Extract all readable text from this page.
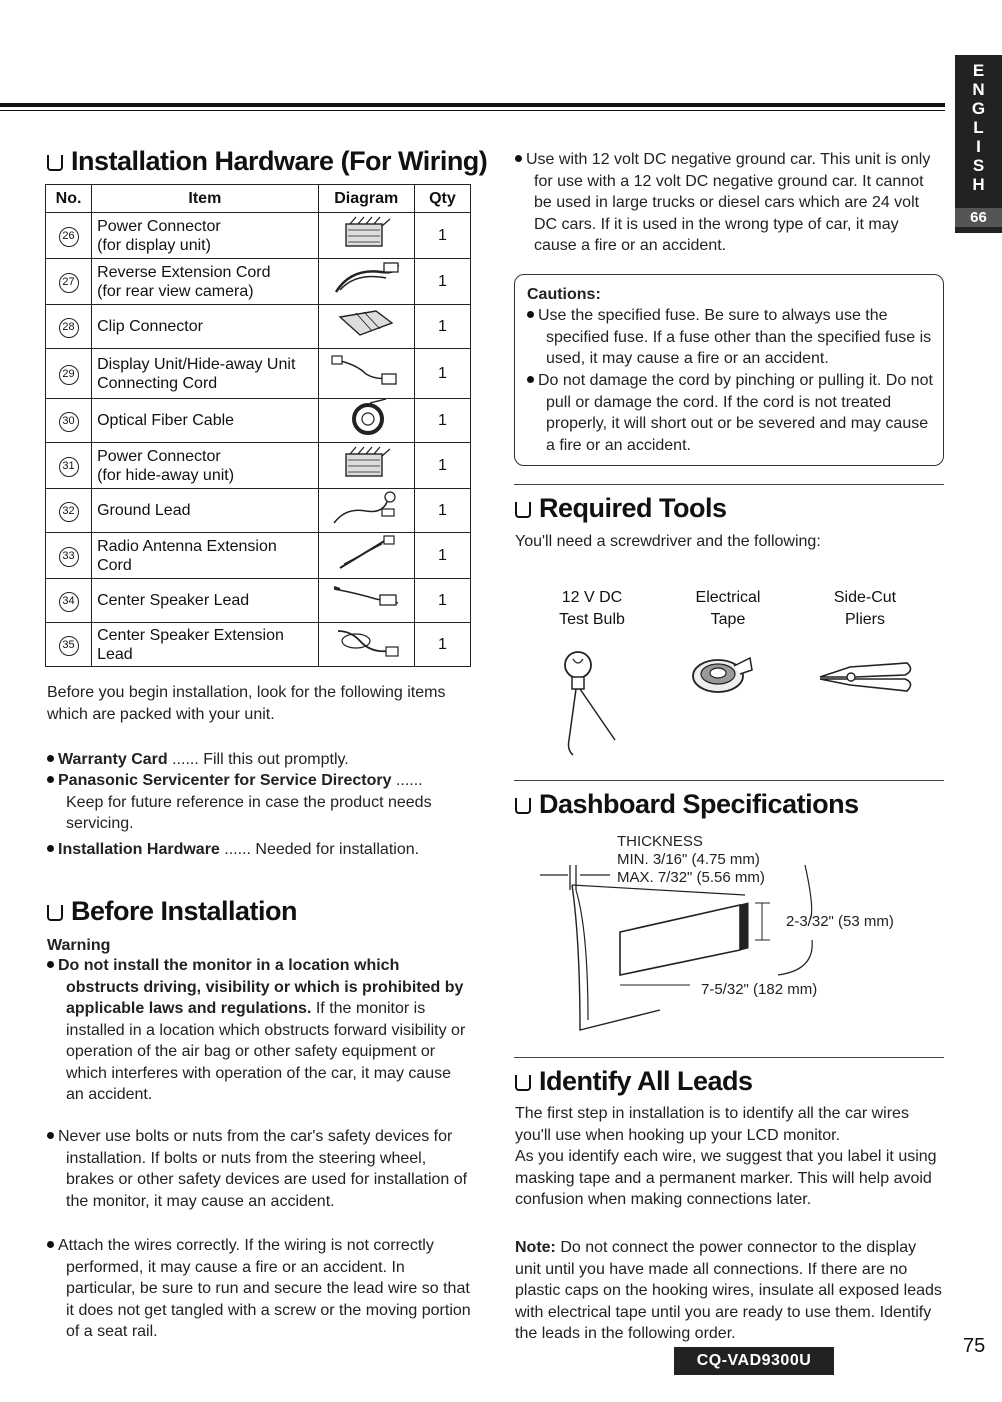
E
N
G
L
I
S
H
66
Installation Hardware (For Wiring)
No.	Item	Diagram	Qty
26	Power Connector
(for display unit)		1
27	Reverse Extension Cord
(for rear view camera)		1
28	Clip Connector		1
29	Display Unit/Hide-away Unit
Connecting Cord		1
30	Optical Fiber Cable		1
31	Power Connector
(for hide-away unit)		1
32	Ground Lead		1
33	Radio Antenna Extension
Cord		1
34	Center Speaker Lead		1
35	Center Speaker Extension
Lead		1
Before you begin installation, look for the following items which are packed with your unit.
Warranty Card ...... Fill this out promptly.
Panasonic Servicenter for Service Directory ......
Keep for future reference in case the product needs servicing.
Installation Hardware ...... Needed for installation.
Before Installation
Warning
Do not install the monitor in a location which obstructs driving, visibility or which is prohibited by applicable laws and regulations. If the monitor is installed in a location which obstructs forward visibility or operation of the air bag or other safety equipment or which interferes with operation of the car, it may cause an accident.
Never use bolts or nuts from the car's safety devices for installation. If bolts or nuts from the steering wheel, brakes or other safety devices are used for installation of the monitor, it may cause an accident.
Attach the wires correctly. If the wiring is not correctly performed, it may cause a fire or an accident. In particular, be sure to run and secure the lead wire so that it does not get tangled with a screw or the moving portion of a seat rail.
Use with 12 volt DC negative ground car. This unit is only for use with a 12 volt DC negative ground car. It cannot be used in large trucks or diesel cars which are 24 volt DC cars. If it is used in the wrong type of car, it may cause a fire or an accident.
Cautions:
Use the specified fuse. Be sure to always use the specified fuse. If a fuse other than the specified fuse is used, it may cause a fire or an accident.
Do not damage the cord by pinching or pulling it. Do not pull or damage the cord. If the cord is not treated properly, it will short out or be severed and may cause a fire or an accident.
Required Tools
You'll need a screwdriver and the following:
12 V DC
Test Bulb
Electrical
Tape
Side-Cut
Pliers
Dashboard Specifications
THICKNESS
MIN. 3/16" (4.75 mm)
MAX. 7/32" (5.56 mm)
2-3/32" (53 mm)
7-5/32" (182 mm)
Identify All Leads
The first step in installation is to identify all the car wires you'll use when hooking up your LCD monitor.
As you identify each wire, we suggest that you label it using masking tape and a permanent marker. This will help avoid confusion when making connections later.
Note: Do not connect the power connector to the display unit until you have made all connections. If there are no plastic caps on the hooking wires, insulate all exposed leads with electrical tape until you are ready to use them. Identify the leads in the following order.
CQ-VAD9300U
75
